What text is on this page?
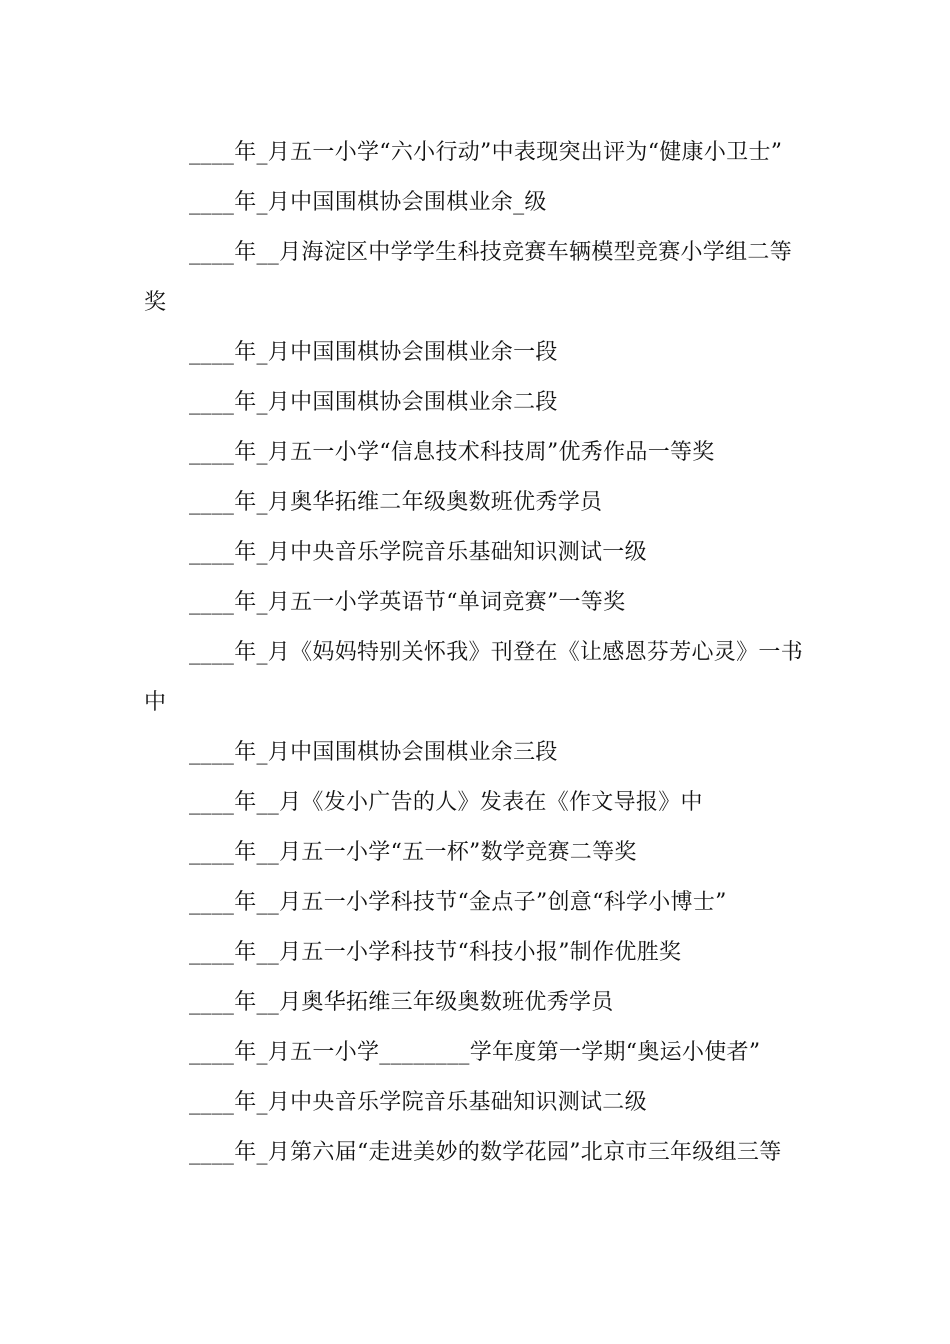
____年_月五一小学“六小行动”中表现突出评为“健康小卫士”

____年_月中国围棋协会围棋业余_级

____年__月海淀区中学学生科技竞赛车辆模型竞赛小学组二等奖

____年_月中国围棋协会围棋业余一段

____年_月中国围棋协会围棋业余二段

____年_月五一小学“信息技术科技周”优秀作品一等奖

____年_月奥华拓维二年级奥数班优秀学员

____年_月中央音乐学院音乐基础知识测试一级

____年_月五一小学英语节“单词竞赛”一等奖

____年_月《妈妈特别关怀我》刊登在《让感恩芬芳心灵》一书中

____年_月中国围棋协会围棋业余三段

____年__月《发小广告的人》发表在《作文导报》中

____年__月五一小学“五一杯”数学竞赛二等奖

____年__月五一小学科技节“金点子”创意“科学小博士”

____年__月五一小学科技节“科技小报”制作优胜奖

____年__月奥华拓维三年级奥数班优秀学员

____年_月五一小学________学年度第一学期“奥运小使者”

____年_月中央音乐学院音乐基础知识测试二级

____年_月第六届“走进美妙的数学花园”北京市三年级组三等
